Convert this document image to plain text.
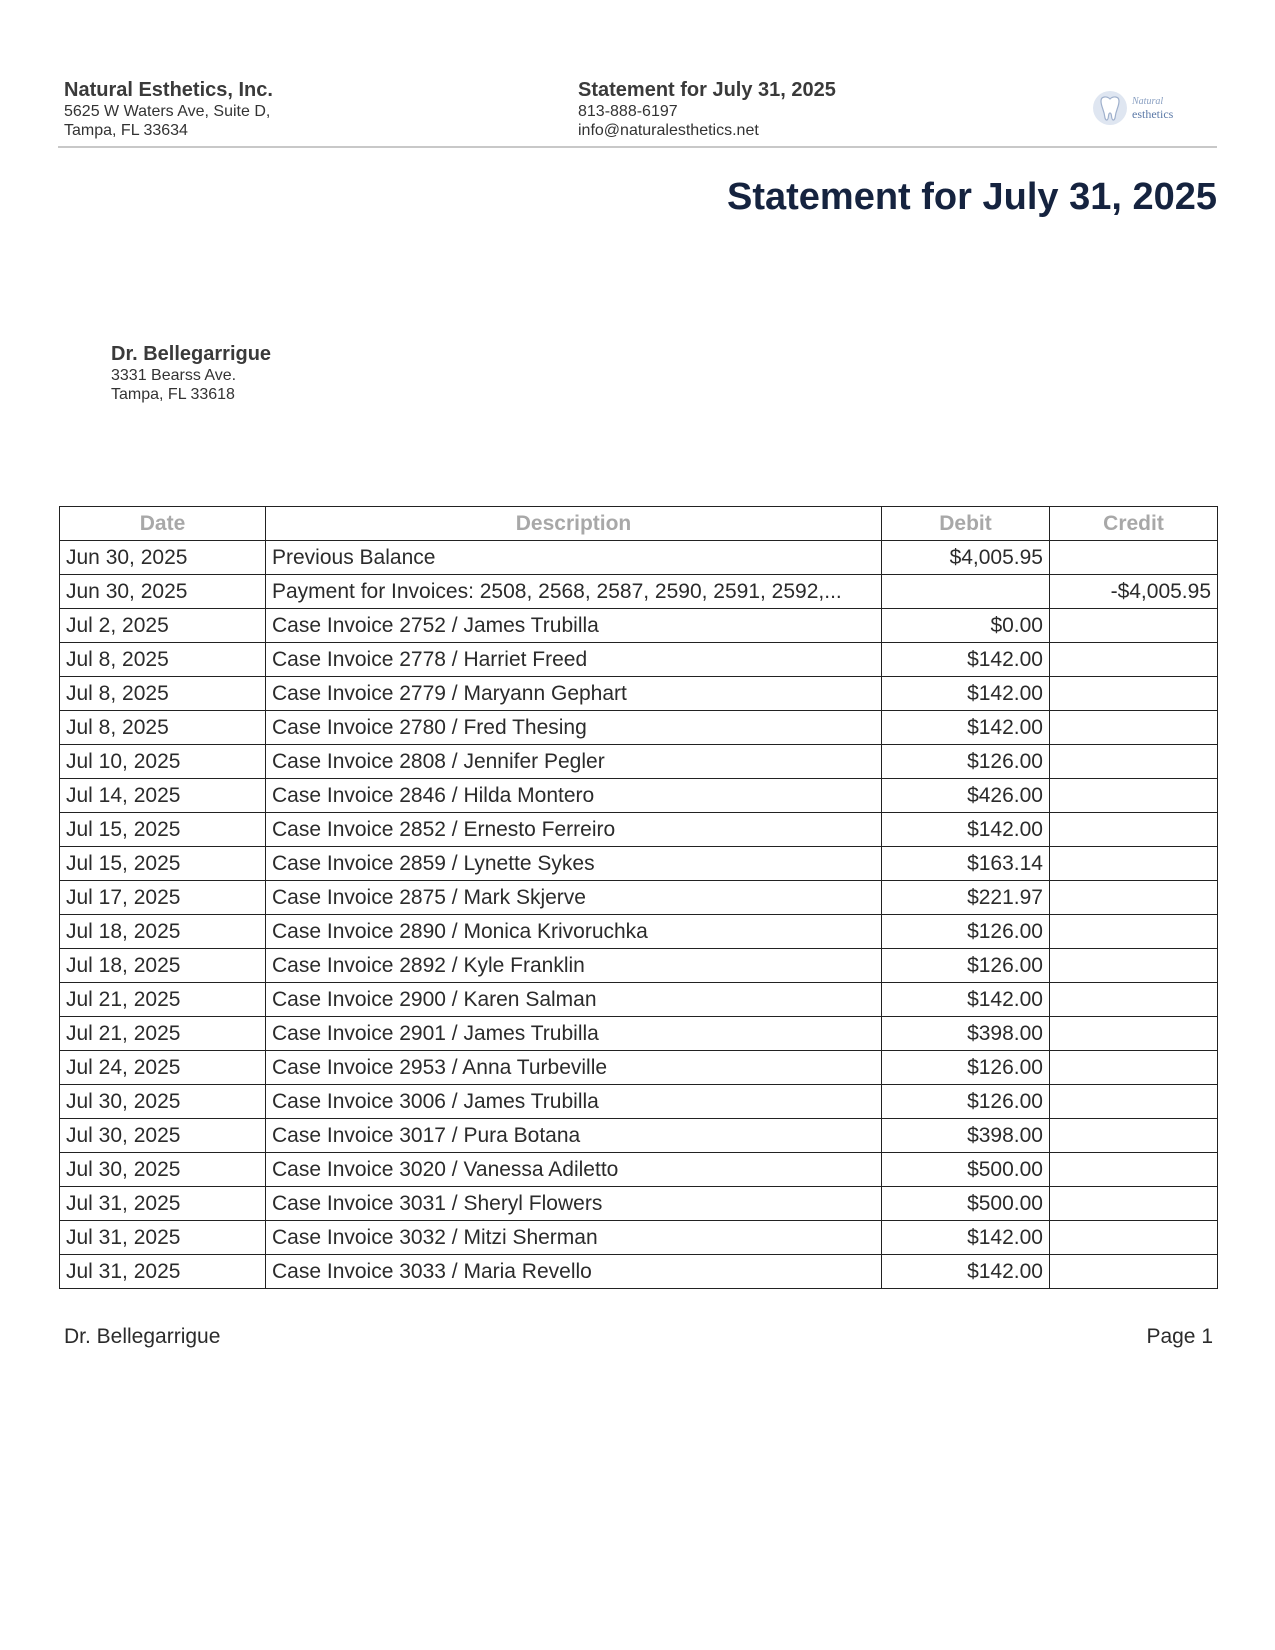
Natural Esthetics, Inc.
5625 W Waters Ave, Suite D,
Tampa, FL 33634
Statement for July 31, 2025
813-888-6197
info@naturalesthetics.net
Natural
esthetics
Statement for July 31, 2025
Dr. Bellegarrigue
3331 Bearss Ave.
Tampa, FL 33618
Date	Description	Debit	Credit
Jun 30, 2025	Previous Balance	$4,005.95	
Jun 30, 2025	Payment for Invoices: 2508, 2568, 2587, 2590, 2591, 2592,...		-$4,005.95
Jul 2, 2025	Case Invoice 2752 / James Trubilla	$0.00	
Jul 8, 2025	Case Invoice 2778 / Harriet Freed	$142.00	
Jul 8, 2025	Case Invoice 2779 / Maryann Gephart	$142.00	
Jul 8, 2025	Case Invoice 2780 / Fred Thesing	$142.00	
Jul 10, 2025	Case Invoice 2808 / Jennifer Pegler	$126.00	
Jul 14, 2025	Case Invoice 2846 / Hilda Montero	$426.00	
Jul 15, 2025	Case Invoice 2852 / Ernesto Ferreiro	$142.00	
Jul 15, 2025	Case Invoice 2859 / Lynette Sykes	$163.14	
Jul 17, 2025	Case Invoice 2875 / Mark Skjerve	$221.97	
Jul 18, 2025	Case Invoice 2890 / Monica Krivoruchka	$126.00	
Jul 18, 2025	Case Invoice 2892 / Kyle Franklin	$126.00	
Jul 21, 2025	Case Invoice 2900 / Karen Salman	$142.00	
Jul 21, 2025	Case Invoice 2901 / James Trubilla	$398.00	
Jul 24, 2025	Case Invoice 2953 / Anna Turbeville	$126.00	
Jul 30, 2025	Case Invoice 3006 / James Trubilla	$126.00	
Jul 30, 2025	Case Invoice 3017 / Pura Botana	$398.00	
Jul 30, 2025	Case Invoice 3020 / Vanessa Adiletto	$500.00	
Jul 31, 2025	Case Invoice 3031 / Sheryl Flowers	$500.00	
Jul 31, 2025	Case Invoice 3032 / Mitzi Sherman	$142.00	
Jul 31, 2025	Case Invoice 3033 / Maria Revello	$142.00	
Dr. Bellegarrigue	Page 1
